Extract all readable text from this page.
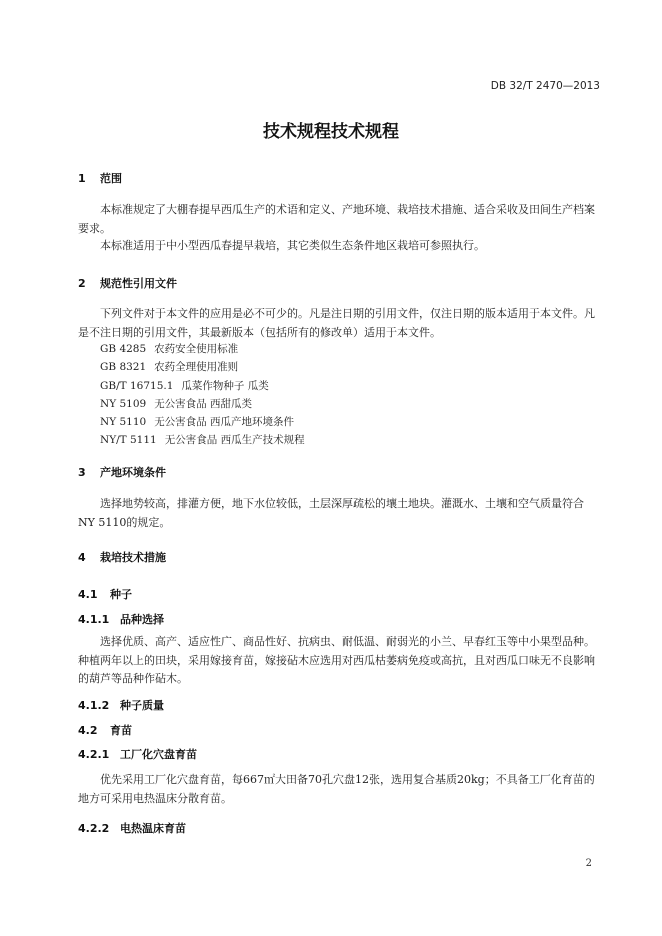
DB 32/T 2470—2013
技术规程技术规程
1 范围
本标准规定了大棚春提早西瓜生产的术语和定义、产地环境、栽培技术措施、适合采收及田间生产档案要求。
本标准适用于中小型西瓜春提早栽培，其它类似生态条件地区栽培可参照执行。
2 规范性引用文件
下列文件对于本文件的应用是必不可少的。凡是注日期的引用文件，仅注日期的版本适用于本文件。凡是不注日期的引用文件，其最新版本（包括所有的修改单）适用于本文件。
GB 4285 农药安全使用标准
GB 8321 农药全理使用准则
GB/T 16715.1 瓜菜作物种子 瓜类
NY 5109 无公害食品 西甜瓜类
NY 5110 无公害食品 西瓜产地环境条件
NY/T 5111 无公害食品 西瓜生产技术规程
3 产地环境条件
选择地势较高，排灌方便，地下水位较低，土层深厚疏松的壤土地块。灌溉水、土壤和空气质量符合NY 5110的规定。
4 栽培技术措施
4.1 种子
4.1.1 品种选择
选择优质、高产、适应性广、商品性好、抗病虫、耐低温、耐弱光的小兰、早春红玉等中小果型品种。种植两年以上的田块，采用嫁接育苗，嫁接砧木应选用对西瓜枯萎病免疫或高抗，且对西瓜口味无不良影响的葫芦等品种作砧木。
4.1.2 种子质量
4.2 育苗
4.2.1 工厂化穴盘育苗
优先采用工厂化穴盘育苗，每667㎡大田备70孔穴盘12张，选用复合基质20kg；不具备工厂化育苗的地方可采用电热温床分散育苗。
4.2.2 电热温床育苗
2
